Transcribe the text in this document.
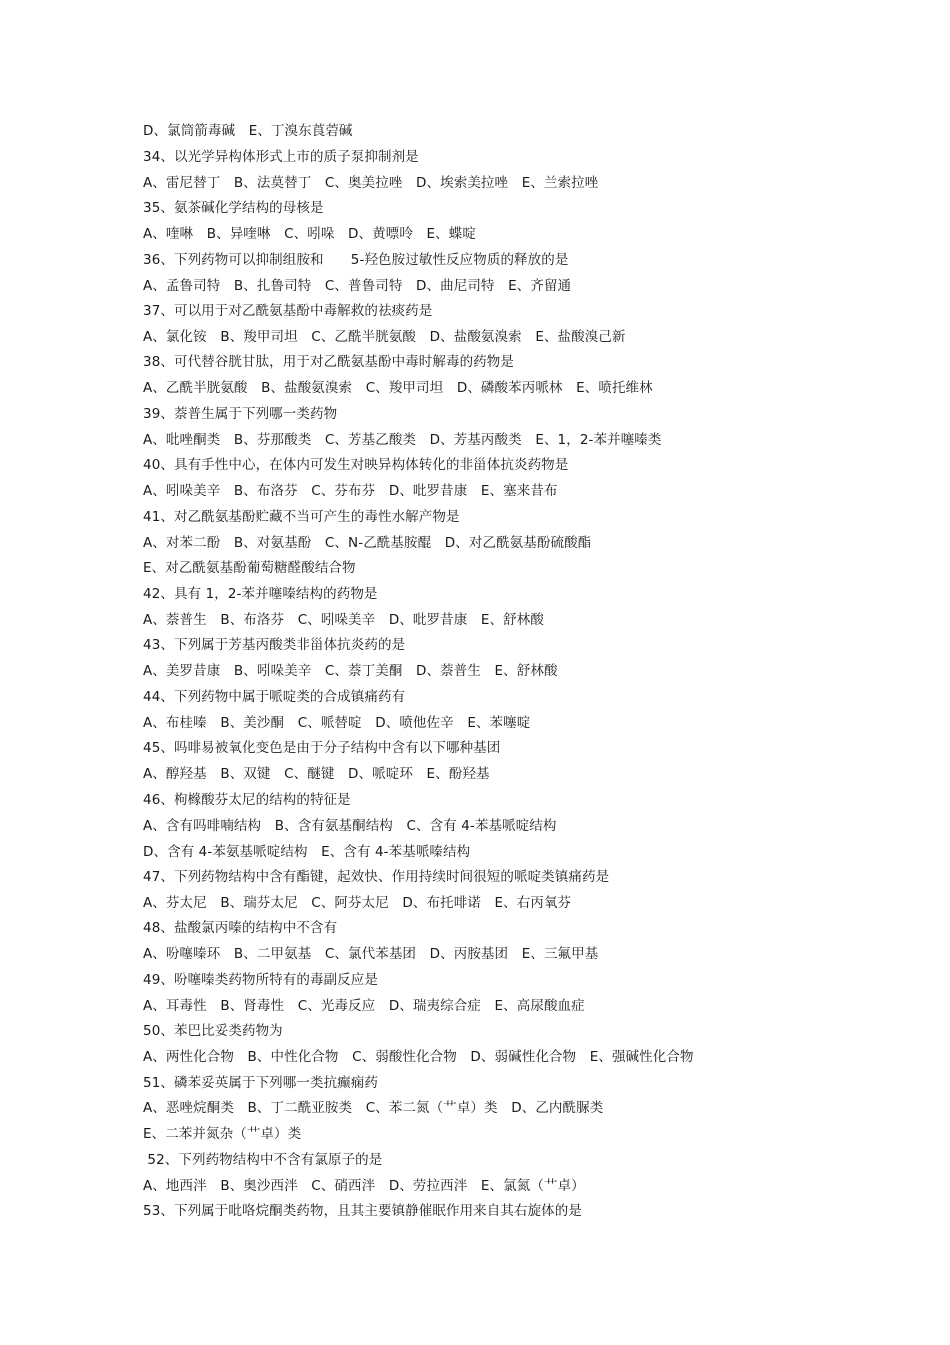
D、氯筒箭毒碱　E、丁溴东莨菪碱
34、以光学异构体形式上市的质子泵抑制剂是
A、雷尼替丁　B、法莫替丁　C、奥美拉唑　D、埃索美拉唑　E、兰索拉唑
35、氨茶碱化学结构的母核是
A、喹啉　B、异喹啉　C、吲哚　D、黄嘌呤　E、蝶啶
36、下列药物可以抑制组胺和　　5-羟色胺过敏性反应物质的释放的是
A、孟鲁司特　B、扎鲁司特　C、普鲁司特　D、曲尼司特　E、齐留通
37、可以用于对乙酰氨基酚中毒解救的祛痰药是
A、氯化铵　B、羧甲司坦　C、乙酰半胱氨酸　D、盐酸氨溴索　E、盐酸溴己新
38、可代替谷胱甘肽，用于对乙酰氨基酚中毒时解毒的药物是
A、乙酰半胱氨酸　B、盐酸氨溴索　C、羧甲司坦　D、磷酸苯丙哌林　E、喷托维林
39、萘普生属于下列哪一类药物
A、吡唑酮类　B、芬那酸类　C、芳基乙酸类　D、芳基丙酸类　E、1，2-苯并噻嗪类
40、具有手性中心，在体内可发生对映异构体转化的非甾体抗炎药物是
A、吲哚美辛　B、布洛芬　C、芬布芬　D、吡罗昔康　E、塞来昔布
41、对乙酰氨基酚贮藏不当可产生的毒性水解产物是
A、对苯二酚　B、对氨基酚　C、N-乙酰基胺醌　D、对乙酰氨基酚硫酸酯
E、对乙酰氨基酚葡萄糖醛酸结合物
42、具有 1，2-苯并噻嗪结构的药物是
A、萘普生　B、布洛芬　C、吲哚美辛　D、吡罗昔康　E、舒林酸
43、下列属于芳基丙酸类非甾体抗炎药的是
A、美罗昔康　B、吲哚美辛　C、萘丁美酮　D、萘普生　E、舒林酸
44、下列药物中属于哌啶类的合成镇痛药有
A、布桂嗪　B、美沙酮　C、哌替啶　D、喷他佐辛　E、苯噻啶
45、吗啡易被氧化变色是由于分子结构中含有以下哪种基团
A、醇羟基　B、双键　C、醚键　D、哌啶环　E、酚羟基
46、枸橼酸芬太尼的结构的特征是
A、含有吗啡喃结构　B、含有氨基酮结构　C、含有 4-苯基哌啶结构
D、含有 4-苯氨基哌啶结构　E、含有 4-苯基哌嗪结构
47、下列药物结构中含有酯键，起效快、作用持续时间很短的哌啶类镇痛药是
A、芬太尼　B、瑞芬太尼　C、阿芬太尼　D、布托啡诺　E、右丙氧芬
48、盐酸氯丙嗪的结构中不含有
A、吩噻嗪环　B、二甲氨基　C、氯代苯基团　D、丙胺基团　E、三氟甲基
49、吩噻嗪类药物所特有的毒副反应是
A、耳毒性　B、肾毒性　C、光毒反应　D、瑞夷综合症　E、高尿酸血症
50、苯巴比妥类药物为
A、两性化合物　B、中性化合物　C、弱酸性化合物　D、弱碱性化合物　E、强碱性化合物
51、磷苯妥英属于下列哪一类抗癫痫药
A、恶唑烷酮类　B、丁二酰亚胺类　C、苯二氮（艹卓）类　D、乙内酰脲类
E、二苯并氮杂（艹卓）类
52、下列药物结构中不含有氯原子的是
A、地西泮　B、奥沙西泮　C、硝西泮　D、劳拉西泮　E、氯氮（艹卓）
53、下列属于吡咯烷酮类药物，且其主要镇静催眠作用来自其右旋体的是
